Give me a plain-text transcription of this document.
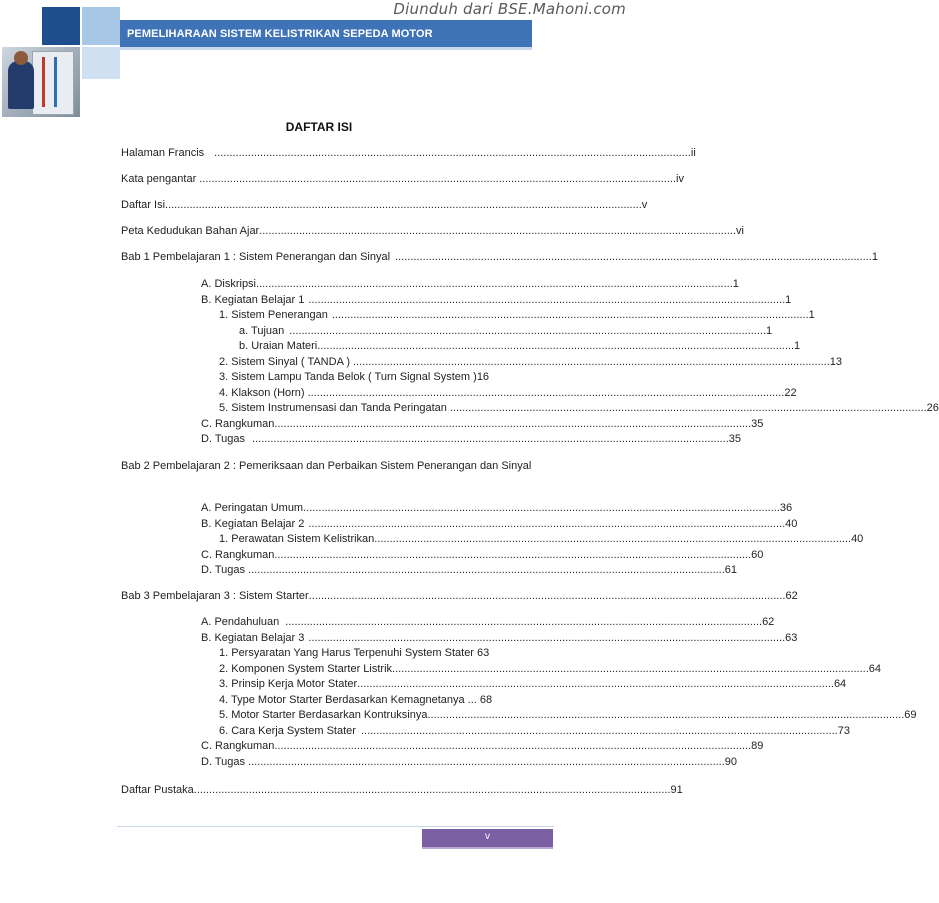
Diunduh dari BSE.Mahoni.com
PEMELIHARAAN SISTEM KELISTRIKAN SEPEDA MOTOR
DAFTAR ISI
Halaman Francis ............................................................................................................................................................ ii
Kata pengantar ............................................................................................................................................................ iv
Daftar Isi ............................................................................................................................................................ v
Peta Kedudukan Bahan Ajar ............................................................................................................................................................ vi
Bab 1 Pembelajaran 1 : Sistem Penerangan dan Sinyal ............................................................................................................................................................ 1
A. Diskripsi ............................................................................................................................................................ 1
B. Kegiatan Belajar 1 ............................................................................................................................................................ 1
1. Sistem Penerangan ............................................................................................................................................................ 1
a. Tujuan ............................................................................................................................................................ 1
b. Uraian Materi ............................................................................................................................................................ 1
2. Sistem Sinyal ( TANDA ) ............................................................................................................................................................ 13
3. Sistem Lampu Tanda Belok ( Turn Signal System ) 16
4. Klakson (Horn) ............................................................................................................................................................ 22
5. Sistem Instrumensasi dan Tanda Peringatan ............................................................................................................................................................ 26
C. Rangkuman ............................................................................................................................................................ 35
D. Tugas ............................................................................................................................................................ 35
Bab 2 Pembelajaran 2 : Pemeriksaan dan Perbaikan Sistem Penerangan dan Sinyal
A. Peringatan Umum ............................................................................................................................................................ 36
B. Kegiatan Belajar 2 ............................................................................................................................................................ 40
1. Perawatan Sistem Kelistrikan ............................................................................................................................................................ 40
C. Rangkuman ............................................................................................................................................................ 60
D. Tugas ............................................................................................................................................................ 61
Bab 3 Pembelajaran 3 : Sistem Starter ............................................................................................................................................................ 62
A. Pendahuluan ............................................................................................................................................................ 62
B. Kegiatan Belajar 3 ............................................................................................................................................................ 63
1. Persyaratan Yang Harus Terpenuhi System Stater 63
2. Komponen System Starter Listrik ............................................................................................................................................................ 64
3. Prinsip Kerja Motor Stater ............................................................................................................................................................ 64
4. Type Motor Starter Berdasarkan Kemagnetanya ... 68
5. Motor Starter Berdasarkan Kontruksinya ............................................................................................................................................................ 69
6. Cara Kerja System Stater ............................................................................................................................................................ 73
C. Rangkuman ............................................................................................................................................................ 89
D. Tugas ............................................................................................................................................................ 90
Daftar Pustaka ............................................................................................................................................................ 91
v
